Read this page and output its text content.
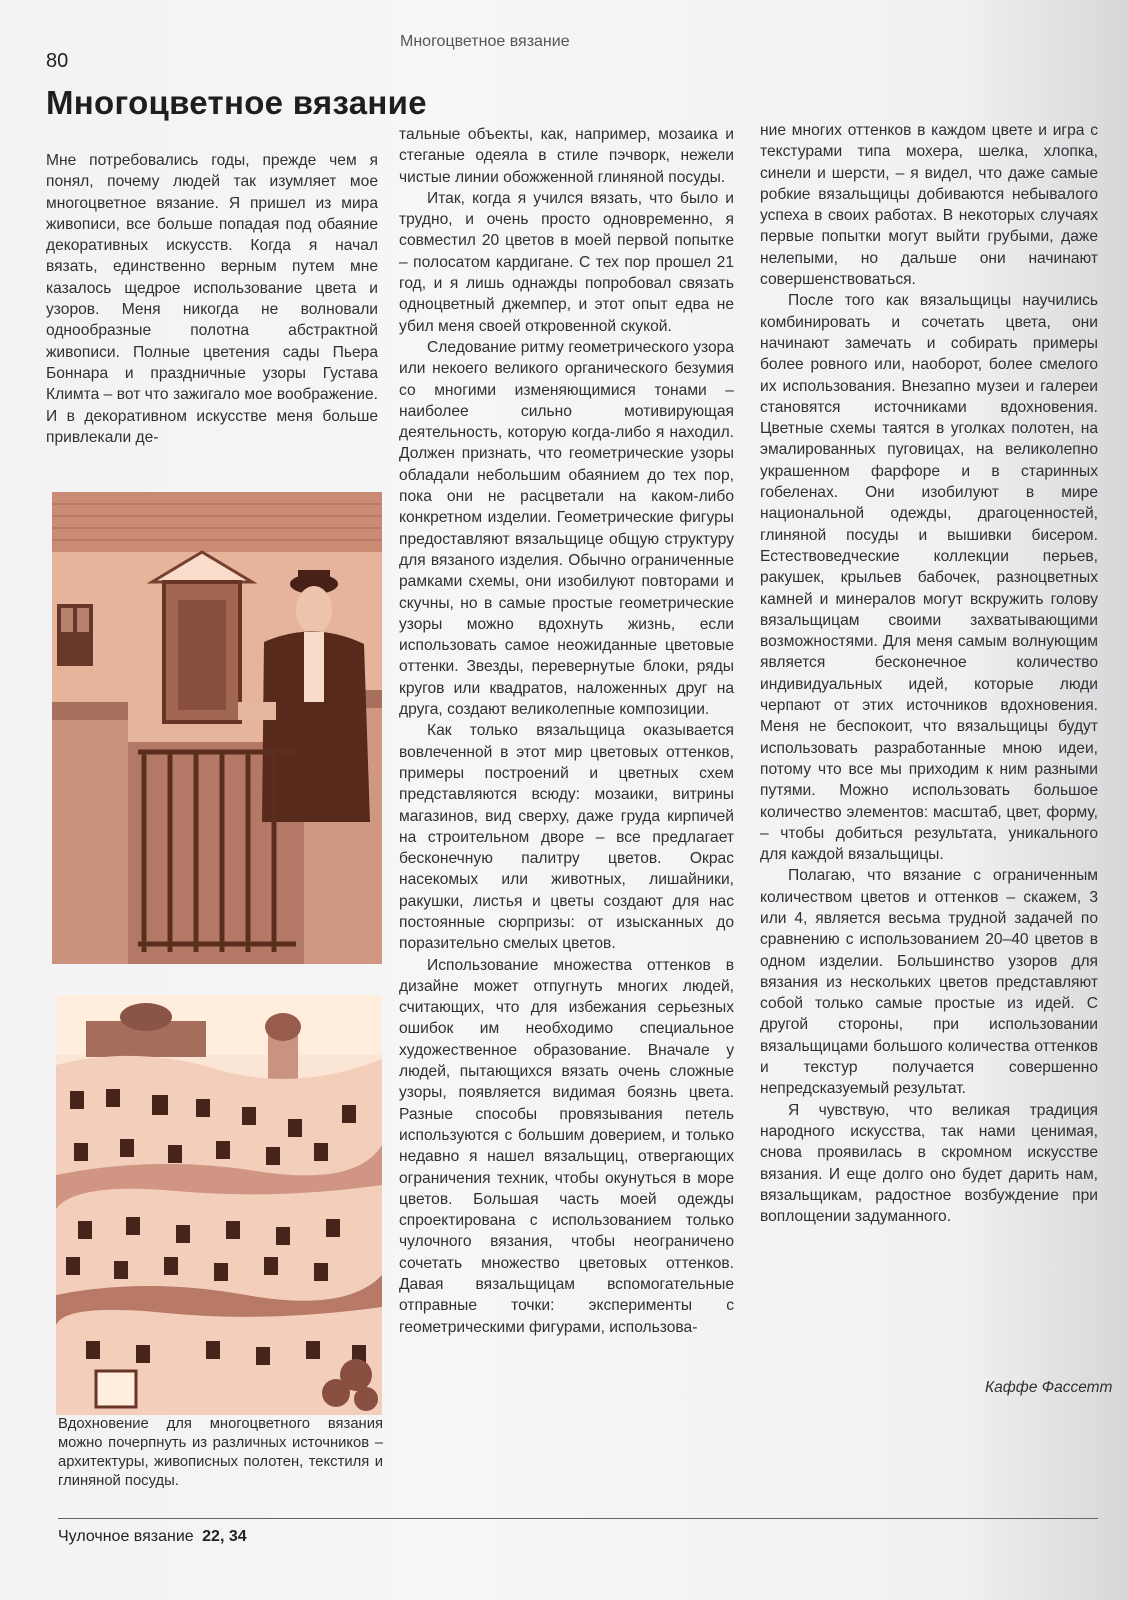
80
Многоцветное вязание
Многоцветное вязание

Мне потребовались годы, прежде чем я понял, почему людей так изумляет мое многоцветное вязание. Я пришел из мира живописи, все больше попадая под обаяние декоративных искусств. Когда я начал вязать, единственно верным путем мне казалось щедрое использование цвета и узоров. Меня никогда не волновали однообразные полотна абстрактной живописи. Полные цветения сады Пьера Боннара и праздничные узоры Густава Климта – вот что зажигало мое воображение. И в декоративном искусстве меня больше привлекали де-

Вдохновение для многоцветного вязания можно почерпнуть из различных источников – архитектуры, живописных полотен, текстиля и глиняной посуды.

тальные объекты, как, например, мозаика и стеганые одеяла в стиле пэчворк, нежели чистые линии обожженной глиняной посуды.

Итак, когда я учился вязать, что было и трудно, и очень просто одновременно, я совместил 20 цветов в моей первой попытке – полосатом кардигане. С тех пор прошел 21 год, и я лишь однажды попробовал связать одноцветный джемпер, и этот опыт едва не убил меня своей откровенной скукой.

Следование ритму геометрического узора или некоего великого органического безумия со многими изменяющимися тонами – наиболее сильно мотивирующая деятельность, которую когда-либо я находил. Должен признать, что геометрические узоры обладали небольшим обаянием до тех пор, пока они не расцветали на каком-либо конкретном изделии. Геометрические фигуры предоставляют вязальщице общую структуру для вязаного изделия. Обычно ограниченные рамками схемы, они изобилуют повторами и скучны, но в самые простые геометрические узоры можно вдохнуть жизнь, если использовать самое неожиданные цветовые оттенки. Звезды, перевернутые блоки, ряды кругов или квадратов, наложенных друг на друга, создают великолепные композиции.

Как только вязальщица оказывается вовлеченной в этот мир цветовых оттенков, примеры построений и цветных схем представляются всюду: мозаики, витрины магазинов, вид сверху, даже груда кирпичей на строительном дворе – все предлагает бесконечную палитру цветов. Окрас насекомых или животных, лишайники, ракушки, листья и цветы создают для нас постоянные сюрпризы: от изысканных до поразительно смелых цветов.

Использование множества оттенков в дизайне может отпугнуть многих людей, считающих, что для избежания серьезных ошибок им необходимо специальное художественное образование. Вначале у людей, пытающихся вязать очень сложные узоры, появляется видимая боязнь цвета. Разные способы провязывания петель используются с большим доверием, и только недавно я нашел вязальщиц, отвергающих ограничения техник, чтобы окунуться в море цветов. Большая часть моей одежды спроектирована с использованием только чулочного вязания, чтобы неограничено сочетать множество цветовых оттенков. Давая вязальщицам вспомогательные отправные точки: эксперименты с геометрическими фигурами, использова-

ние многих оттенков в каждом цвете и игра с текстурами типа мохера, шелка, хлопка, синели и шерсти, – я видел, что даже самые робкие вязальщицы добиваются небывалого успеха в своих работах. В некоторых случаях первые попытки могут выйти грубыми, даже нелепыми, но дальше они начинают совершенствоваться.

После того как вязальщицы научились комбинировать и сочетать цвета, они начинают замечать и собирать примеры более ровного или, наоборот, более смелого их использования. Внезапно музеи и галереи становятся источниками вдохновения. Цветные схемы таятся в уголках полотен, на эмалированных пуговицах, на великолепно украшенном фарфоре и в старинных гобеленах. Они изобилуют в мире национальной одежды, драгоценностей, глиняной посуды и вышивки бисером. Естествоведческие коллекции перьев, ракушек, крыльев бабочек, разноцветных камней и минералов могут вскружить голову вязальщицам своими захватывающими возможностями. Для меня самым волнующим является бесконечное количество индивидуальных идей, которые люди черпают от этих источников вдохновения. Меня не беспокоит, что вязальщицы будут использовать разработанные мною идеи, потому что все мы приходим к ним разными путями. Можно использовать большое количество элементов: масштаб, цвет, форму, – чтобы добиться результата, уникального для каждой вязальщицы.

Полагаю, что вязание с ограниченным количеством цветов и оттенков – скажем, 3 или 4, является весьма трудной задачей по сравнению с использованием 20–40 цветов в одном изделии. Большинство узоров для вязания из нескольких цветов представляют собой только самые простые из идей. С другой стороны, при использовании вязальщицами большого количества оттенков и текстур получается совершенно непредсказуемый результат.

Я чувствую, что великая традиция народного искусства, так нами ценимая, снова проявилась в скромном искусстве вязания. И еще долго оно будет дарить нам, вязальщикам, радостное возбуждение при воплощении задуманного.

Каффе Фассетт
Чулочное вязание 22, 34
